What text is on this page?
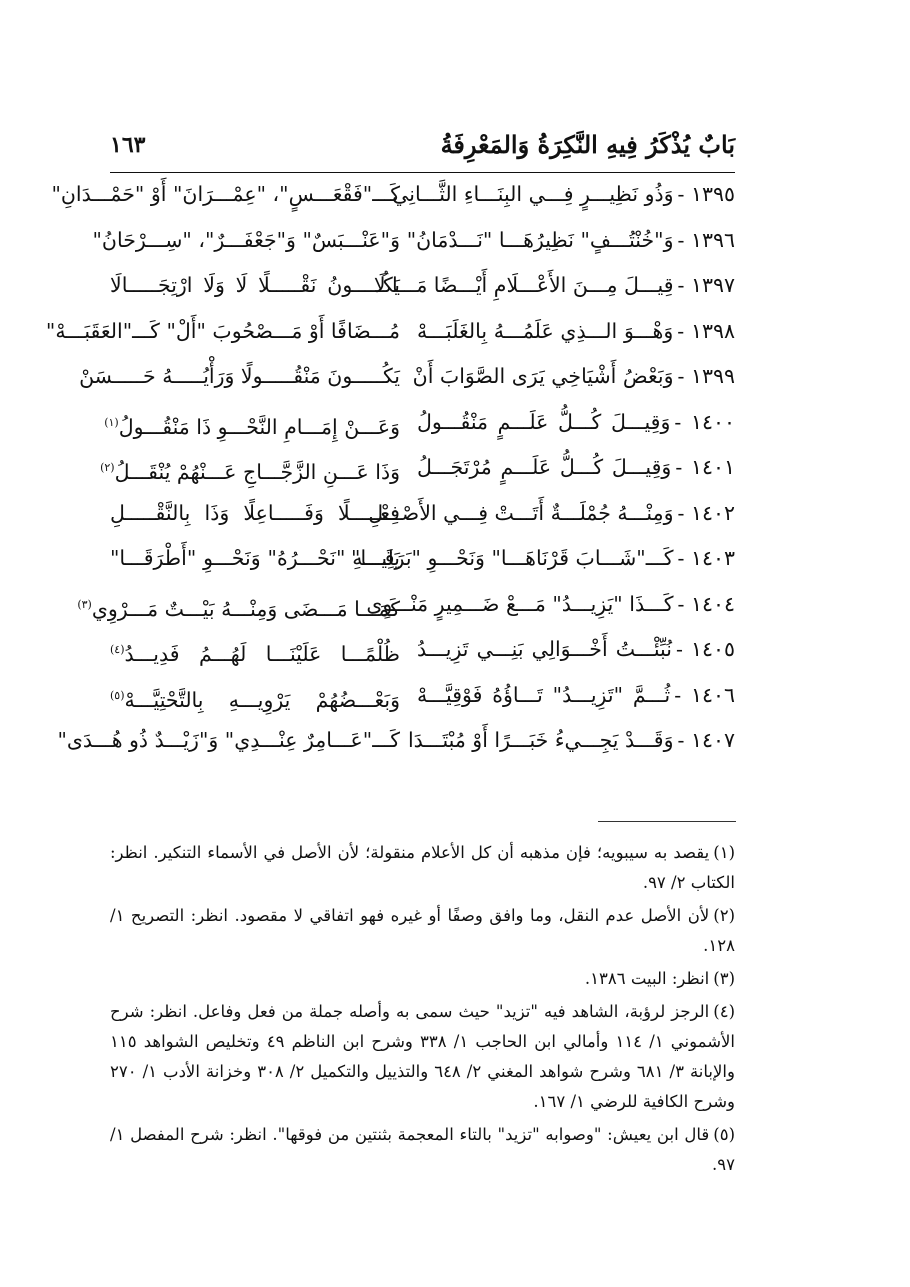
بَابٌ يُذْكَرُ فِيهِ النَّكِرَةُ وَالمَعْرِفَةُ
١٦٣
١٣٩٥ -وَذُو نَظِيـــرٍ فِـــي البِنَـــاءِ الثَّـــانِي
كَـــ"فَقْعَـــسٍ"، "عِمْـــرَانَ" أَوْ "حَمْـــدَانِ"
١٣٩٦ -وَ"خُنْتُـــفٍ" نَظِيرُهَـــا "نَـــدْمَانُ"
وَ"عَنْـــبَسٌ" وَ"جَعْفَـــرٌ"، "سِـــرْحَانُ"
١٣٩٧ -قِيـــلَ مِـــنَ الأَعْـــلَامِ أَيْـــضًا مَـــا لَا
يَكُـــــونُ نَقْـــــلًا لَا وَلَا ارْتِجَـــــالَا
١٣٩٨ -وَهْـــوَ الـــذِي عَلَمُـــهُ بِالغَلَبَـــهْ
مُـــضَافًا أَوْ مَـــصْحُوبَ "أَلْ" كَـــ"العَقَبَـــهْ"
١٣٩٩ -وَبَعْضُ أَشْيَاخِي يَرَى الصَّوَابَ أَنْ
يَكُـــــونَ مَنْقُـــــولًا وَرَأْيُـــــهُ حَـــــسَنْ
١٤٠٠ -وَقِيـــلَ كُـــلُّ عَلَـــمٍ مَنْقُـــولُ
وَعَـــنْ إِمَـــامِ النَّحْـــوِ ذَا مَنْقُـــولُ$^{(١)}$
١٤٠١ -وَقِيـــلَ كُـــلُّ عَلَـــمٍ مُرْتَجَـــلُ
وَذَا عَـــنِ الزَّجَّـــاجِ عَـــنْهُمْ يُنْقَـــلُ$^{(٢)}$
١٤٠٢ -وَمِنْـــهُ جُمْلَـــةٌ أَتَـــتْ فِـــي الأَصْـــلِ
فِعْـــــلًا وَفَـــــاعِلًا وَذَا بِالنَّقْـــــلِ
١٤٠٣ -كَـــ"شَـــابَ قَرْنَاهَـــا" وَنَحْـــوِ "بَرَقَـــا"
يَلِيـــهِ "نَحْـــرُهُ" وَنَحْـــوِ "أَطْرَقَـــا"
١٤٠٤ -كَـــذَا "يَزِيـــدُ" مَـــعْ ضَـــمِيرٍ مَنْـــوِي
كَمَـــا مَـــضَى وَمِنْـــهُ بَيْـــتٌ مَـــرْوِي$^{(٣)}$
١٤٠٥ -نُبِّئْـــتُ أَخْـــوَالِي بَنِـــي تَزِيـــدُ
ظُلْمًـــا عَلَيْنَـــا لَهُـــمُ فَدِيـــدُ$^{(٤)}$
١٤٠٦ -ثُـــمَّ "تَزِيـــدُ" تَـــاؤُهُ فَوْقِيَّـــهْ
وَبَعْـــضُهُمْ يَرْوِيـــهِ بِالتَّحْتِيَّـــهْ$^{(٥)}$
١٤٠٧ -وَقَـــدْ يَجِـــيءُ خَبَـــرًا أَوْ مُبْتَـــدَا
كَـــ"عَـــامِرٌ عِنْـــدِي" وَ"زَيْـــدٌ ذُو هُـــدَى"
(١)يقصد به سيبويه؛ فإن مذهبه أن كل الأعلام منقولة؛ لأن الأصل في الأسماء التنكير. انظر: الكتاب ٢/ ٩٧.
(٢)لأن الأصل عدم النقل، وما وافق وصفًا أو غيره فهو اتفاقي لا مقصود. انظر: التصريح ١/ ١٢٨.
(٣)انظر: البيت ١٣٨٦.
(٤)الرجز لرؤبة، الشاهد فيه "تزيد" حيث سمى به وأصله جملة من فعل وفاعل. انظر: شرح الأشموني ١/ ١١٤ وأمالي ابن الحاجب ١/ ٣٣٨ وشرح ابن الناظم ٤٩ وتخليص الشواهد ١١٥ والإبانة ٣/ ٦٨١ وشرح شواهد المغني ٢/ ٦٤٨ والتذييل والتكميل ٢/ ٣٠٨ وخزانة الأدب ١/ ٢٧٠ وشرح الكافية للرضي ١/ ١٦٧.
(٥)قال ابن يعيش: "وصوابه "تزيد" بالتاء المعجمة بثنتين من فوقها". انظر: شرح المفصل ١/ ٩٧.
